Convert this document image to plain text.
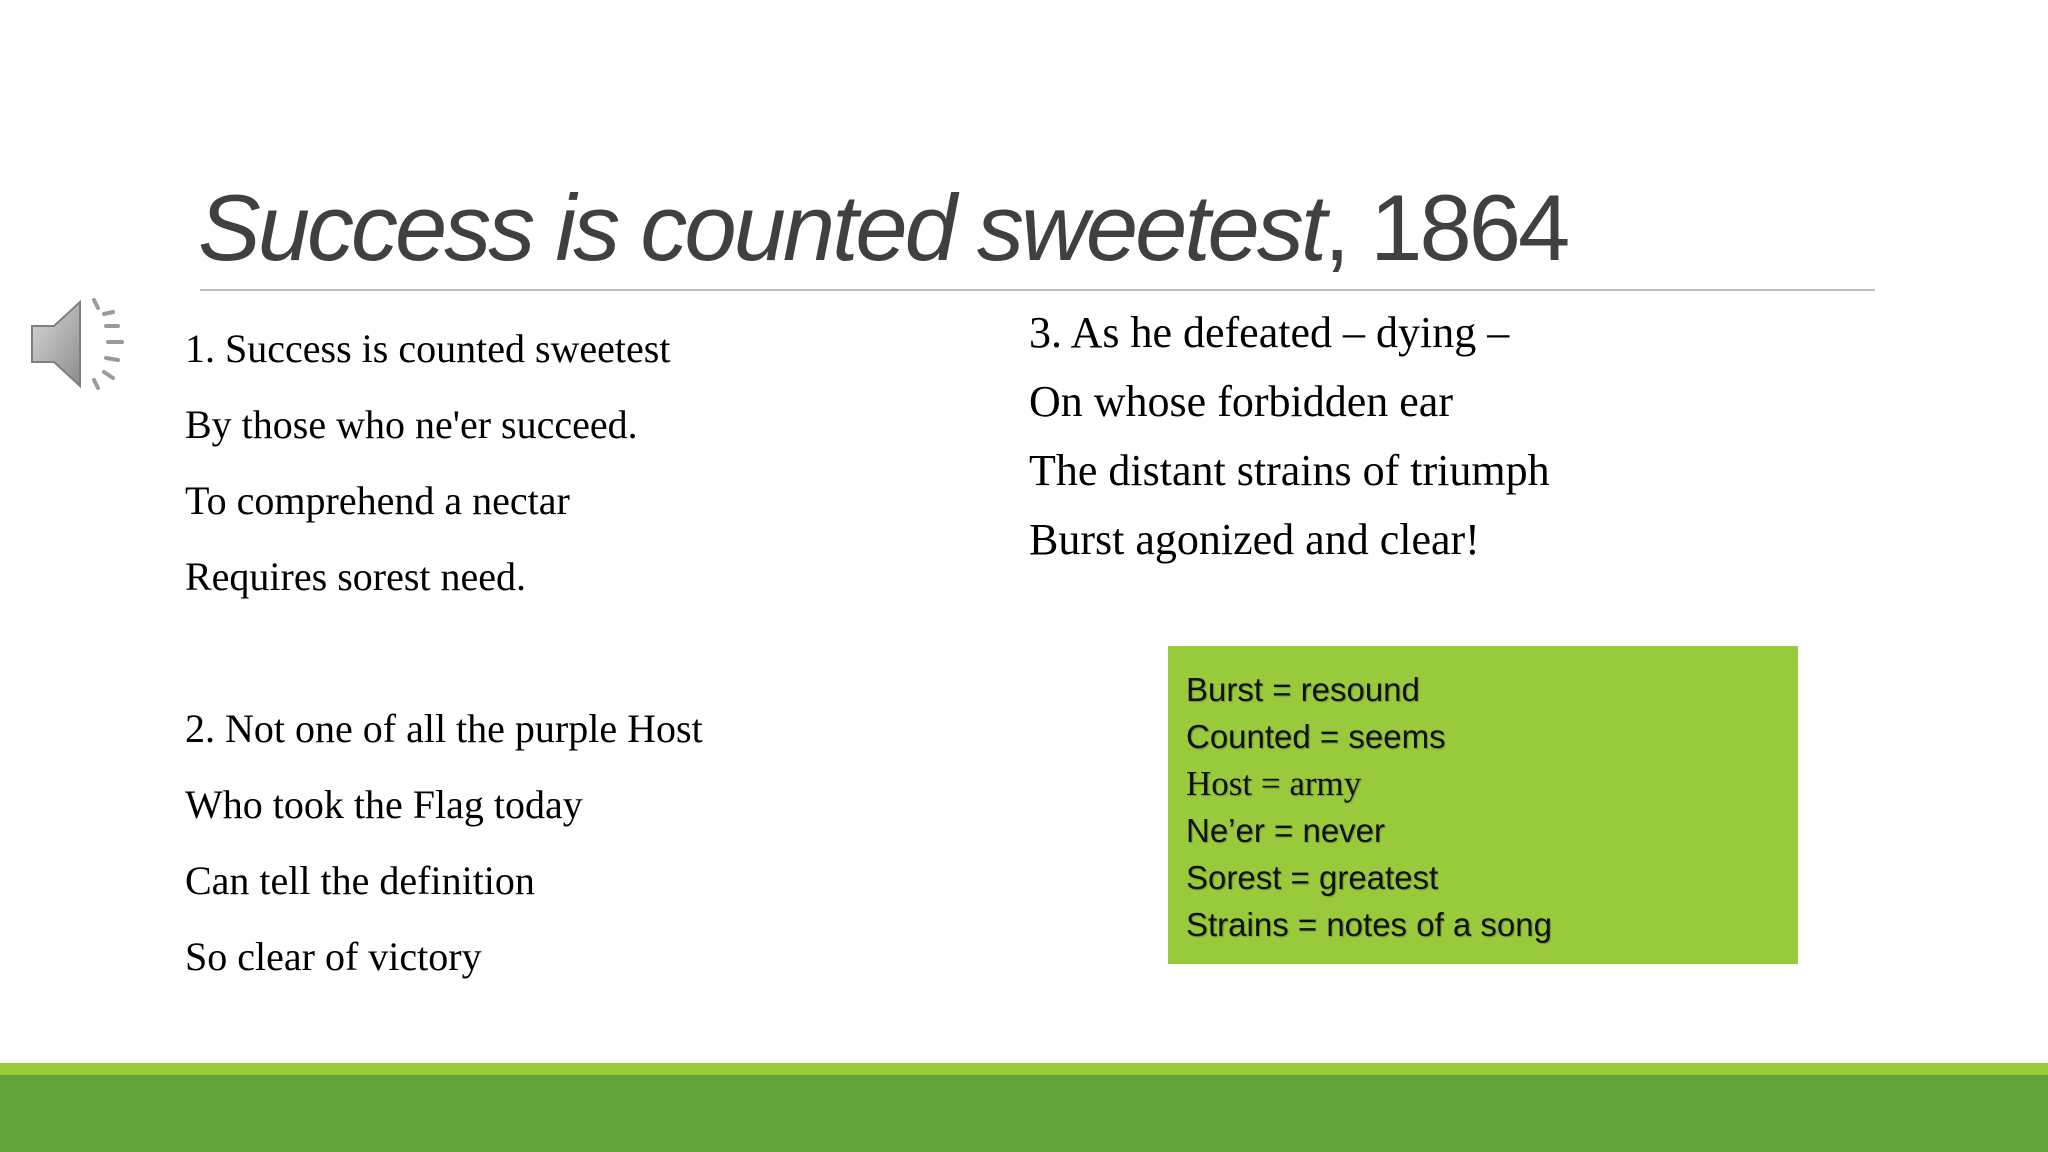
Success is counted sweetest, 1864
1. Success is counted sweetest
By those who ne'er succeed.
To comprehend a nectar
Requires sorest need.
2. Not one of all the purple Host
Who took the Flag today
Can tell the definition
So clear of victory
3. As he defeated – dying –
On whose forbidden ear
The distant strains of triumph
Burst agonized and clear!
Burst = resound
Counted = seems
Host = army
Ne’er = never
Sorest = greatest
Strains = notes of a song
